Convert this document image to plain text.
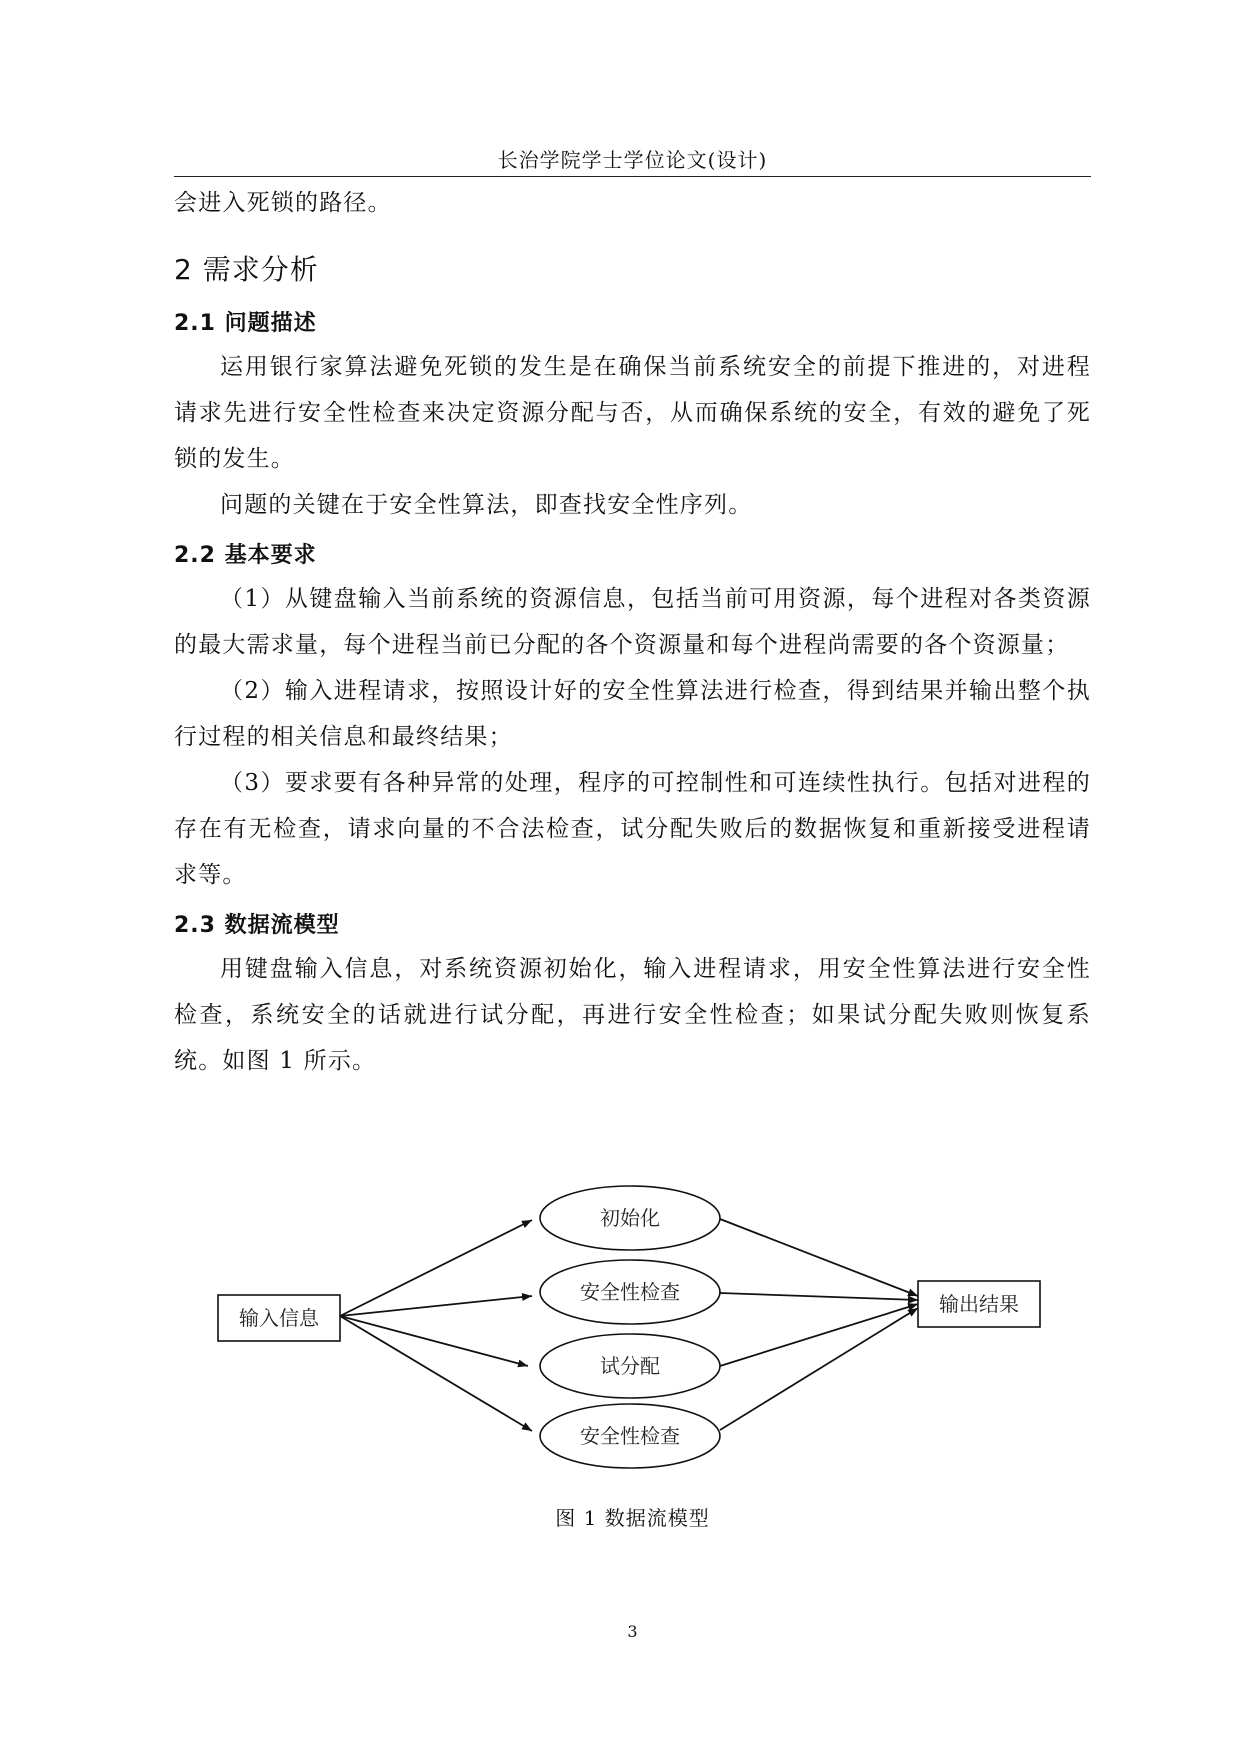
长治学院学士学位论文(设计)

会进入死锁的路径。

2 需求分析
2.1 问题描述

运用银行家算法避免死锁的发生是在确保当前系统安全的前提下推进的，对进程请求先进行安全性检查来决定资源分配与否，从而确保系统的安全，有效的避免了死锁的发生。

问题的关键在于安全性算法，即查找安全性序列。

2.2 基本要求

（1）从键盘输入当前系统的资源信息，包括当前可用资源，每个进程对各类资源的最大需求量，每个进程当前已分配的各个资源量和每个进程尚需要的各个资源量；

（2）输入进程请求，按照设计好的安全性算法进行检查，得到结果并输出整个执行过程的相关信息和最终结果；

（3）要求要有各种异常的处理，程序的可控制性和可连续性执行。包括对进程的存在有无检查，请求向量的不合法检查，试分配失败后的数据恢复和重新接受进程请求等。

2.3 数据流模型

用键盘输入信息，对系统资源初始化，输入进程请求，用安全性算法进行安全性检查，系统安全的话就进行试分配，再进行安全性检查；如果试分配失败则恢复系统。如图 1 所示。

输入信息
输出结果
初始化
安全性检查
试分配
安全性检查
图 1 数据流模型
3
